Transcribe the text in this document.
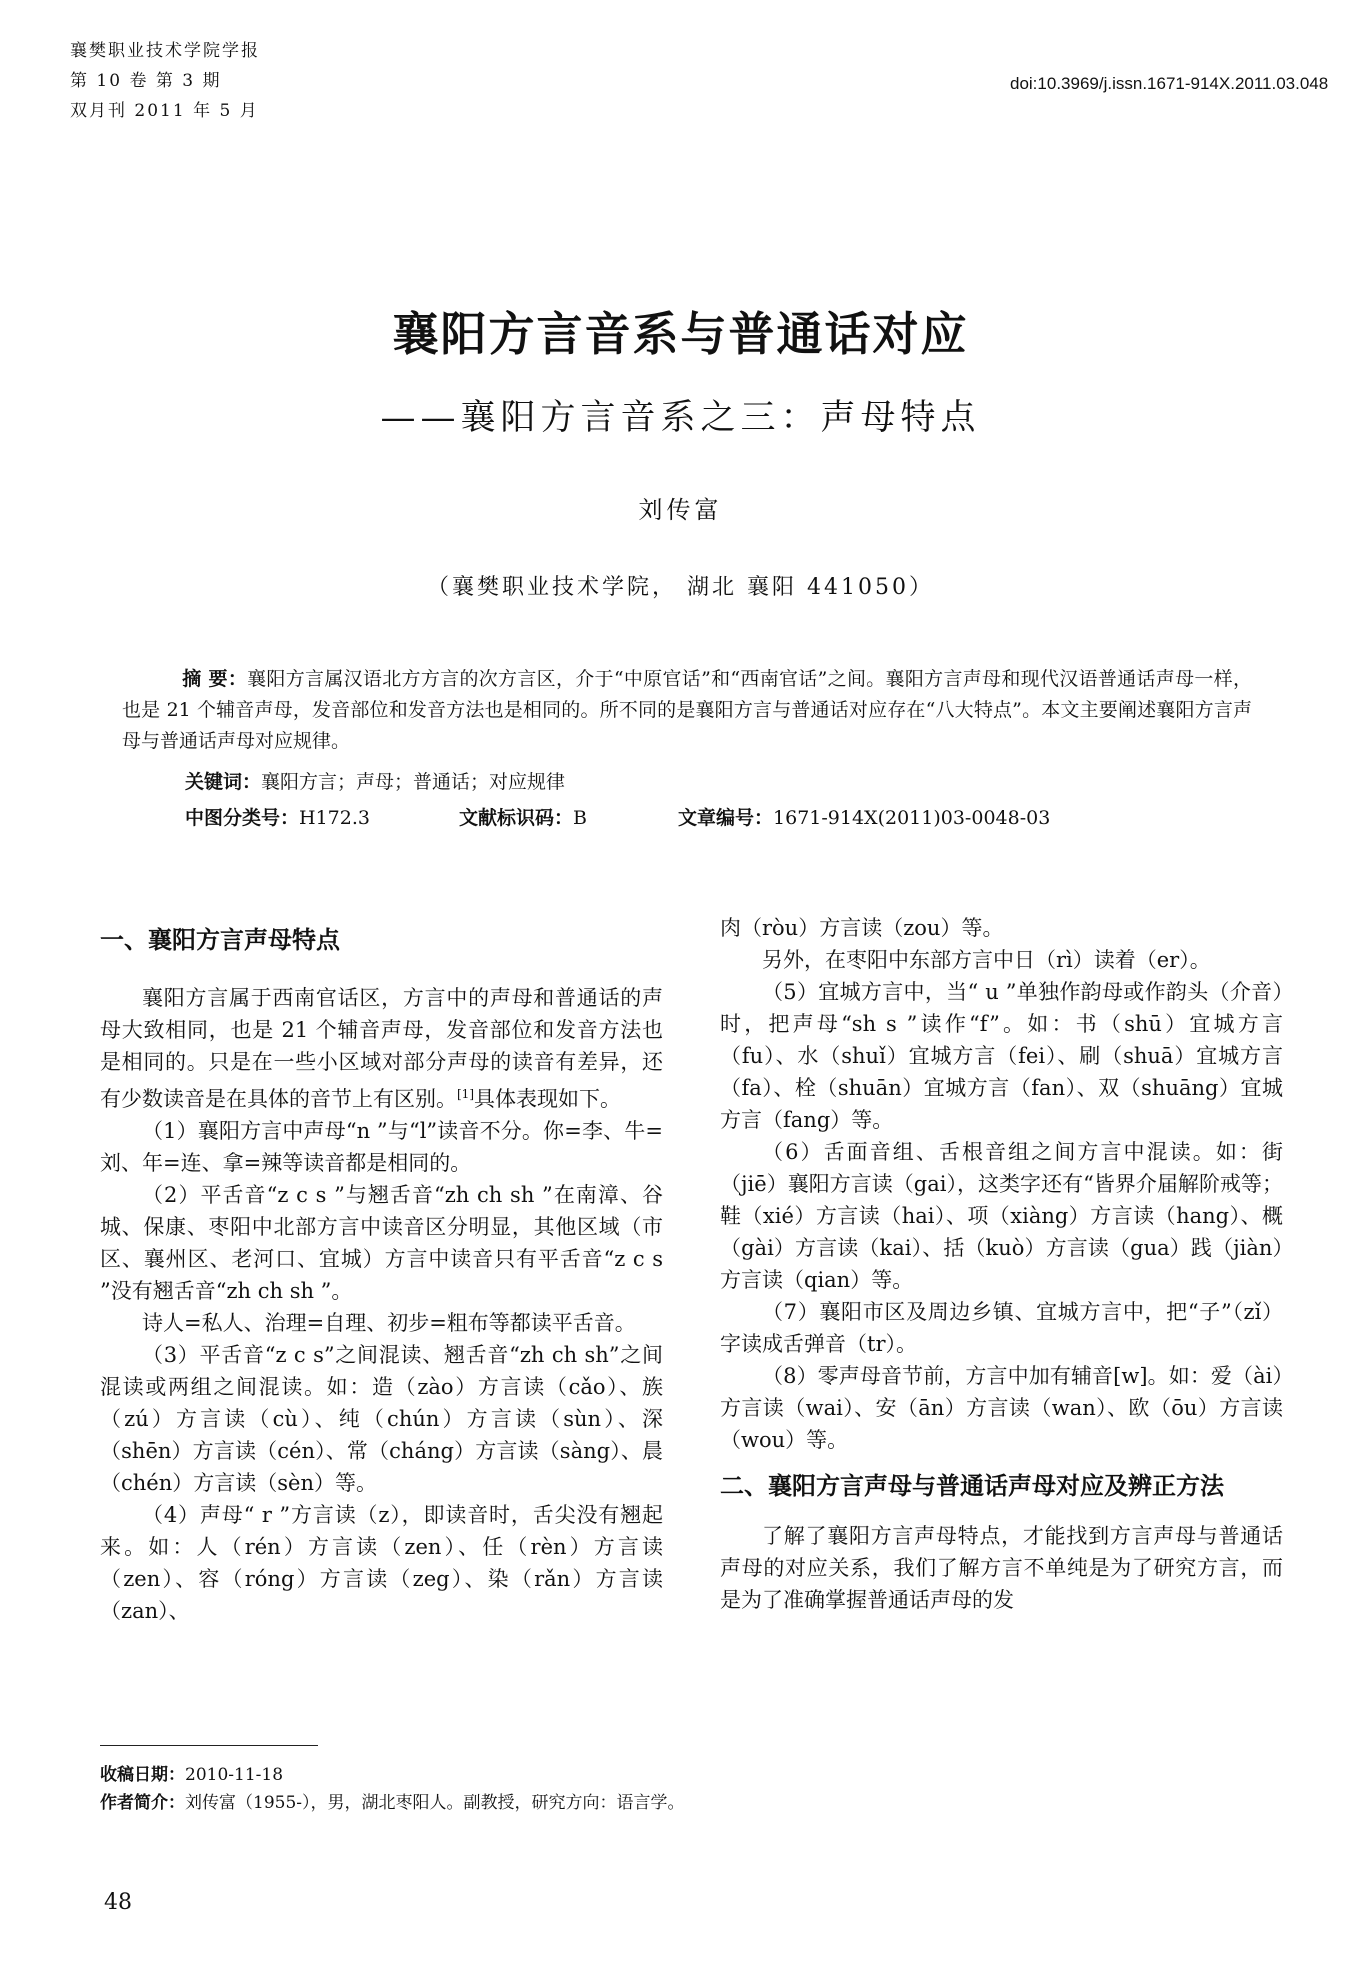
襄樊职业技术学院学报
第 10 卷 第 3 期
双月刊 2011 年 5 月
doi:10.3969/j.issn.1671-914X.2011.03.048
襄阳方言音系与普通话对应
——襄阳方言音系之三：声母特点
刘传富
（襄樊职业技术学院， 湖北 襄阳 441050）
摘 要：襄阳方言属汉语北方方言的次方言区，介于“中原官话”和“西南官话”之间。襄阳方言声母和现代汉语普通话声母一样，也是 21 个辅音声母，发音部位和发音方法也是相同的。所不同的是襄阳方言与普通话对应存在“八大特点”。本文主要阐述襄阳方言声母与普通话声母对应规律。
关键词：襄阳方言；声母；普通话；对应规律
中图分类号：H172.3	文献标识码：B	文章编号：1671-914X(2011)03-0048-03
一、襄阳方言声母特点

襄阳方言属于西南官话区，方言中的声母和普通话的声母大致相同，也是 21 个辅音声母，发音部位和发音方法也是相同的。只是在一些小区域对部分声母的读音有差异，还有少数读音是在具体的音节上有区别。[1]具体表现如下。

（1）襄阳方言中声母“n ”与“l”读音不分。你=李、牛=刘、年=连、拿=辣等读音都是相同的。

（2）平舌音“z c s ”与翘舌音“zh ch sh ”在南漳、谷城、保康、枣阳中北部方言中读音区分明显，其他区域（市区、襄州区、老河口、宜城）方言中读音只有平舌音“z c s ”没有翘舌音“zh ch sh ”。

诗人=私人、治理=自理、初步=粗布等都读平舌音。

（3）平舌音“z c s”之间混读、翘舌音“zh ch sh”之间混读或两组之间混读。如：造（zào）方言读（cǎo）、族（zú）方言读（cù）、纯（chún）方言读（sùn）、深（shēn）方言读（cén）、常（cháng）方言读（sàng）、晨（chén）方言读（sèn）等。

（4）声母“ r ”方言读（z），即读音时，舌尖没有翘起来。如：人（rén）方言读（zen）、任（rèn）方言读（zen）、容（róng）方言读（zeg）、染（rǎn）方言读（zan）、

肉（ròu）方言读（zou）等。

另外，在枣阳中东部方言中日（rì）读着（er）。

（5）宜城方言中，当“ u ”单独作韵母或作韵头（介音）时，把声母“sh s ”读作“f”。如：书（shū）宜城方言（fu）、水（shuǐ）宜城方言（fei）、刷（shuā）宜城方言（fa）、栓（shuān）宜城方言（fan）、双（shuāng）宜城方言（fang）等。

（6）舌面音组、舌根音组之间方言中混读。如：街（jiē）襄阳方言读（gai），这类字还有“皆界介届解阶戒等；鞋（xié）方言读（hai）、项（xiàng）方言读（hang）、概（gài）方言读（kai）、括（kuò）方言读（gua）践（jiàn）方言读（qian）等。

（7）襄阳市区及周边乡镇、宜城方言中，把“子”（zǐ）字读成舌弹音（tr）。

（8）零声母音节前，方言中加有辅音[w]。如：爱（ài）方言读（wai）、安（ān）方言读（wan）、欧（ōu）方言读（wou）等。

二、襄阳方言声母与普通话声母对应及辨正方法

了解了襄阳方言声母特点，才能找到方言声母与普通话声母的对应关系，我们了解方言不单纯是为了研究方言，而是为了准确掌握普通话声母的发

收稿日期：2010-11-18
作者简介：刘传富（1955-），男，湖北枣阳人。副教授，研究方向：语言学。
48
